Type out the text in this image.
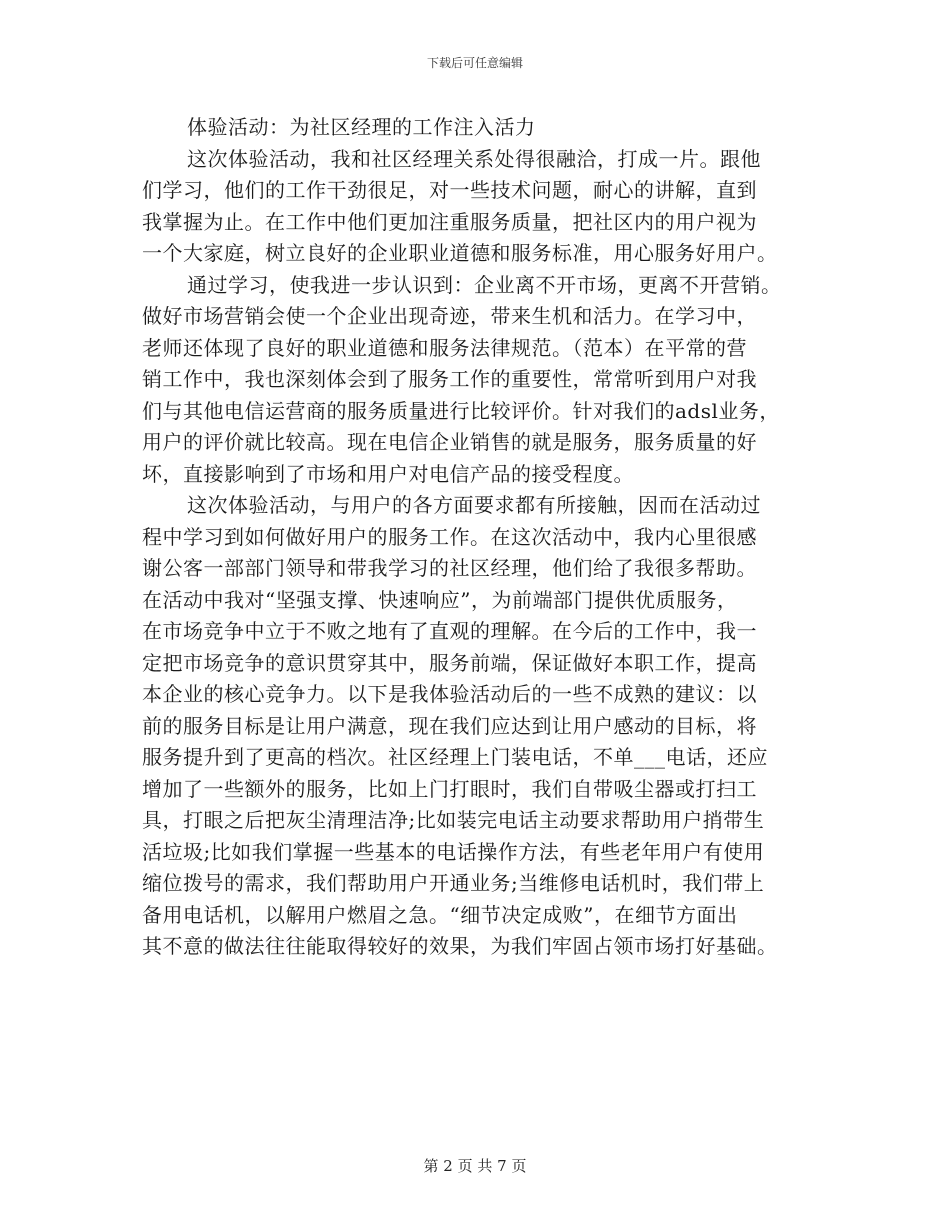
下载后可任意编辑
体验活动：为社区经理的工作注入活力
这次体验活动，我和社区经理关系处得很融洽，打成一片。跟他
们学习，他们的工作干劲很足，对一些技术问题，耐心的讲解，直到
我掌握为止。在工作中他们更加注重服务质量，把社区内的用户视为
一个大家庭，树立良好的企业职业道德和服务标准，用心服务好用户。
通过学习，使我进一步认识到：企业离不开市场，更离不开营销。
做好市场营销会使一个企业出现奇迹，带来生机和活力。在学习中，
老师还体现了良好的职业道德和服务法律规范。（范本）在平常的营
销工作中，我也深刻体会到了服务工作的重要性，常常听到用户对我
们与其他电信运营商的服务质量进行比较评价。针对我们的adsl业务，
用户的评价就比较高。现在电信企业销售的就是服务，服务质量的好
坏，直接影响到了市场和用户对电信产品的接受程度。
这次体验活动，与用户的各方面要求都有所接触，因而在活动过
程中学习到如何做好用户的服务工作。在这次活动中，我内心里很感
谢公客一部部门领导和带我学习的社区经理，他们给了我很多帮助。
在活动中我对“坚强支撑、快速响应”，为前端部门提供优质服务，
在市场竞争中立于不败之地有了直观的理解。在今后的工作中，我一
定把市场竞争的意识贯穿其中，服务前端，保证做好本职工作，提高
本企业的核心竞争力。以下是我体验活动后的一些不成熟的建议：以
前的服务目标是让用户满意，现在我们应达到让用户感动的目标，将
服务提升到了更高的档次。社区经理上门装电话，不单___电话，还应
增加了一些额外的服务，比如上门打眼时，我们自带吸尘器或打扫工
具，打眼之后把灰尘清理洁净;比如装完电话主动要求帮助用户捎带生
活垃圾;比如我们掌握一些基本的电话操作方法，有些老年用户有使用
缩位拨号的需求，我们帮助用户开通业务;当维修电话机时，我们带上
备用电话机，以解用户燃眉之急。“细节决定成败”，在细节方面出
其不意的做法往往能取得较好的效果，为我们牢固占领市场打好基础。
第 2 页 共 7 页
